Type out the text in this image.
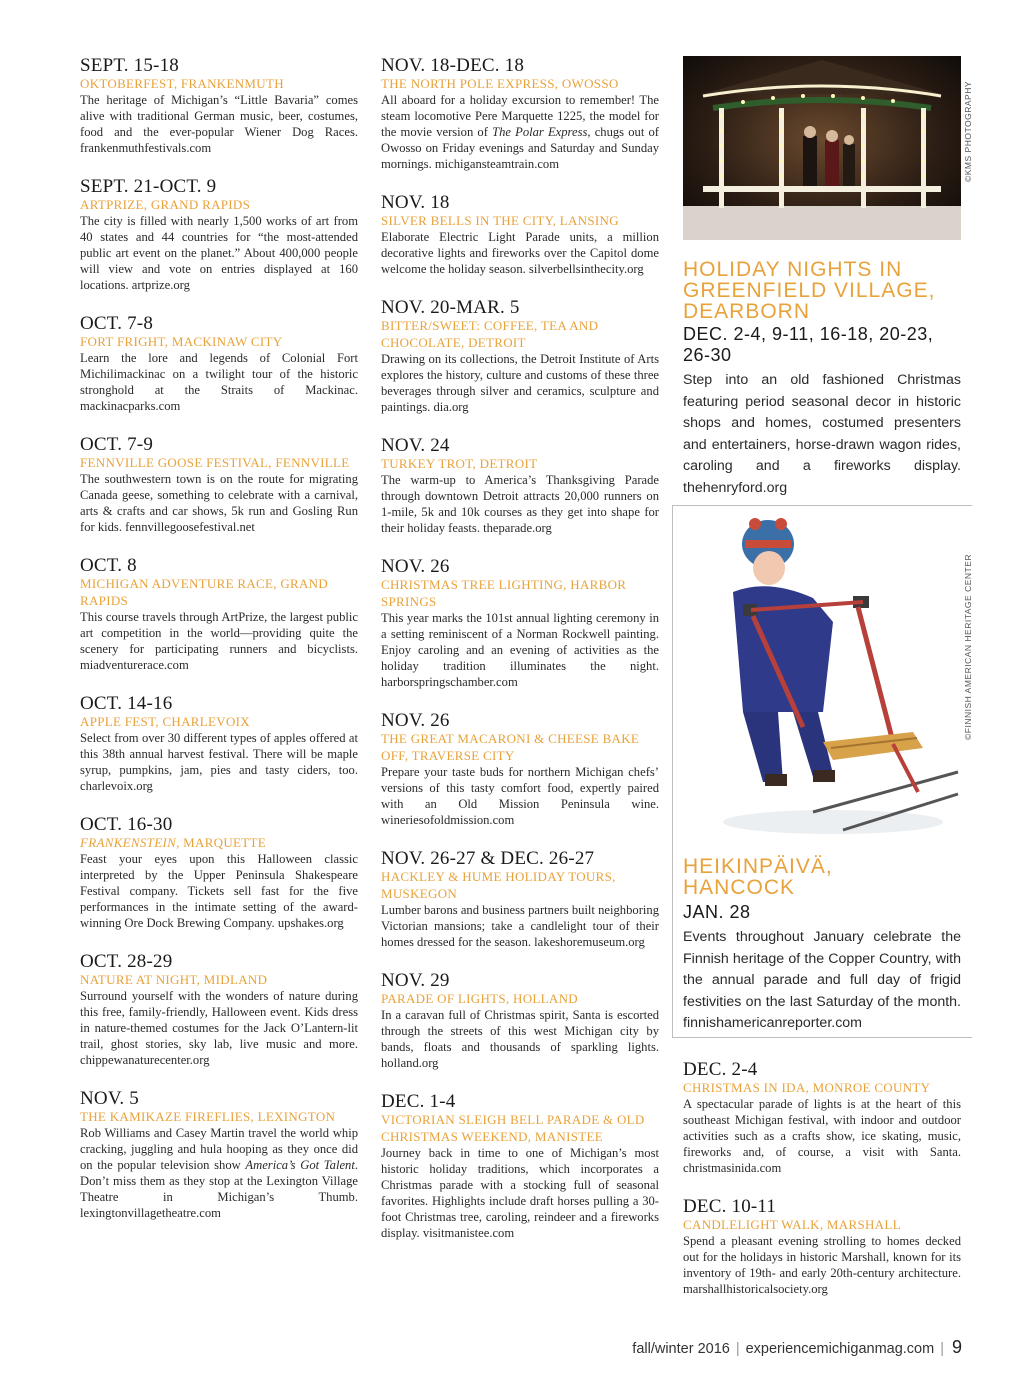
SEPT. 15-18
OKTOBERFEST, FRANKENMUTH
The heritage of Michigan’s “Little Bavaria” comes alive with traditional German music, beer, costumes, food and the ever-popular Wiener Dog Races. frankenmuthfestivals.com
SEPT. 21-OCT. 9
ARTPRIZE, GRAND RAPIDS
The city is filled with nearly 1,500 works of art from 40 states and 44 countries for “the most-attended public art event on the planet.” About 400,000 people will view and vote on entries displayed at 160 locations. artprize.org
OCT. 7-8
FORT FRIGHT, MACKINAW CITY
Learn the lore and legends of Colonial Fort Michilimackinac on a twilight tour of the historic stronghold at the Straits of Mackinac. mackinacparks.com
OCT. 7-9
FENNVILLE GOOSE FESTIVAL, FENNVILLE
The southwestern town is on the route for migrating Canada geese, something to celebrate with a carnival, arts & crafts and car shows, 5k run and Gosling Run for kids. fennvillegoosefestival.net
OCT. 8
MICHIGAN ADVENTURE RACE, GRAND RAPIDS
This course travels through ArtPrize, the largest public art competition in the world—providing quite the scenery for participating runners and bicyclists. miadventurerace.com
OCT. 14-16
APPLE FEST, CHARLEVOIX
Select from over 30 different types of apples offered at this 38th annual harvest festival. There will be maple syrup, pumpkins, jam, pies and tasty ciders, too. charlevoix.org
OCT. 16-30
FRANKENSTEIN, MARQUETTE
Feast your eyes upon this Halloween classic interpreted by the Upper Peninsula Shakespeare Festival company. Tickets sell fast for the five performances in the intimate setting of the award-winning Ore Dock Brewing Company. upshakes.org
OCT. 28-29
NATURE AT NIGHT, MIDLAND
Surround yourself with the wonders of nature during this free, family-friendly, Halloween event. Kids dress in nature-themed costumes for the Jack O’Lantern-lit trail, ghost stories, sky lab, live music and more. chippewanaturecenter.org
NOV. 5
THE KAMIKAZE FIREFLIES, LEXINGTON
Rob Williams and Casey Martin travel the world whip cracking, juggling and hula hooping as they once did on the popular television show America’s Got Talent. Don’t miss them as they stop at the Lexington Village Theatre in Michigan’s Thumb. lexingtonvillagetheatre.com
NOV. 18-DEC. 18
THE NORTH POLE EXPRESS, OWOSSO
All aboard for a holiday excursion to remember! The steam locomotive Pere Marquette 1225, the model for the movie version of The Polar Express, chugs out of Owosso on Friday evenings and Saturday and Sunday mornings. michigansteamtrain.com
NOV. 18
SILVER BELLS IN THE CITY, LANSING
Elaborate Electric Light Parade units, a million decorative lights and fireworks over the Capitol dome welcome the holiday season. silverbellsinthecity.org
NOV. 20-MAR. 5
BITTER/SWEET: COFFEE, TEA AND CHOCOLATE, DETROIT
Drawing on its collections, the Detroit Institute of Arts explores the history, culture and customs of these three beverages through silver and ceramics, sculpture and paintings. dia.org
NOV. 24
TURKEY TROT, DETROIT
The warm-up to America’s Thanksgiving Parade through downtown Detroit attracts 20,000 runners on 1-mile, 5k and 10k courses as they get into shape for their holiday feasts. theparade.org
NOV. 26
CHRISTMAS TREE LIGHTING, HARBOR SPRINGS
This year marks the 101st annual lighting ceremony in a setting reminiscent of a Norman Rockwell painting. Enjoy caroling and an evening of activities as the holiday tradition illuminates the night. harborspringschamber.com
NOV. 26
THE GREAT MACARONI & CHEESE BAKE OFF, TRAVERSE CITY
Prepare your taste buds for northern Michigan chefs’ versions of this tasty comfort food, expertly paired with an Old Mission Peninsula wine. wineriesofoldmission.com
NOV. 26-27 & DEC. 26-27
HACKLEY & HUME HOLIDAY TOURS, MUSKEGON
Lumber barons and business partners built neighboring Victorian mansions; take a candlelight tour of their homes dressed for the season. lakeshoremuseum.org
NOV. 29
PARADE OF LIGHTS, HOLLAND
In a caravan full of Christmas spirit, Santa is escorted through the streets of this west Michigan city by bands, floats and thousands of sparkling lights. holland.org
DEC. 1-4
VICTORIAN SLEIGH BELL PARADE & OLD CHRISTMAS WEEKEND, MANISTEE
Journey back in time to one of Michigan’s most historic holiday traditions, which incorporates a Christmas parade with a stocking full of seasonal favorites. Highlights include draft horses pulling a 30-foot Christmas tree, caroling, reindeer and a fireworks display. visitmanistee.com
©KMS PHOTOGRAPHY
HOLIDAY NIGHTS IN GREENFIELD VILLAGE, DEARBORN
DEC. 2-4, 9-11, 16-18, 20-23, 26-30
Step into an old fashioned Christmas featuring period seasonal decor in historic shops and homes, costumed presenters and entertainers, horse-drawn wagon rides, caroling and a fireworks display. thehenryford.org
©FINNISH AMERICAN HERITAGE CENTER
HEIKINPÄIVÄ, HANCOCK
JAN. 28
Events throughout January celebrate the Finnish heritage of the Copper Country, with the annual parade and full day of frigid festivities on the last Saturday of the month. finnishamericanreporter.com
DEC. 2-4
CHRISTMAS IN IDA, MONROE COUNTY
A spectacular parade of lights is at the heart of this southeast Michigan festival, with indoor and outdoor activities such as a crafts show, ice skating, music, fireworks and, of course, a visit with Santa. christmasinida.com
DEC. 10-11
CANDLELIGHT WALK, MARSHALL
Spend a pleasant evening strolling to homes decked out for the holidays in historic Marshall, known for its inventory of 19th- and early 20th-century architecture. marshallhistoricalsociety.org
fall/winter 2016 | experiencemichiganmag.com | 9
